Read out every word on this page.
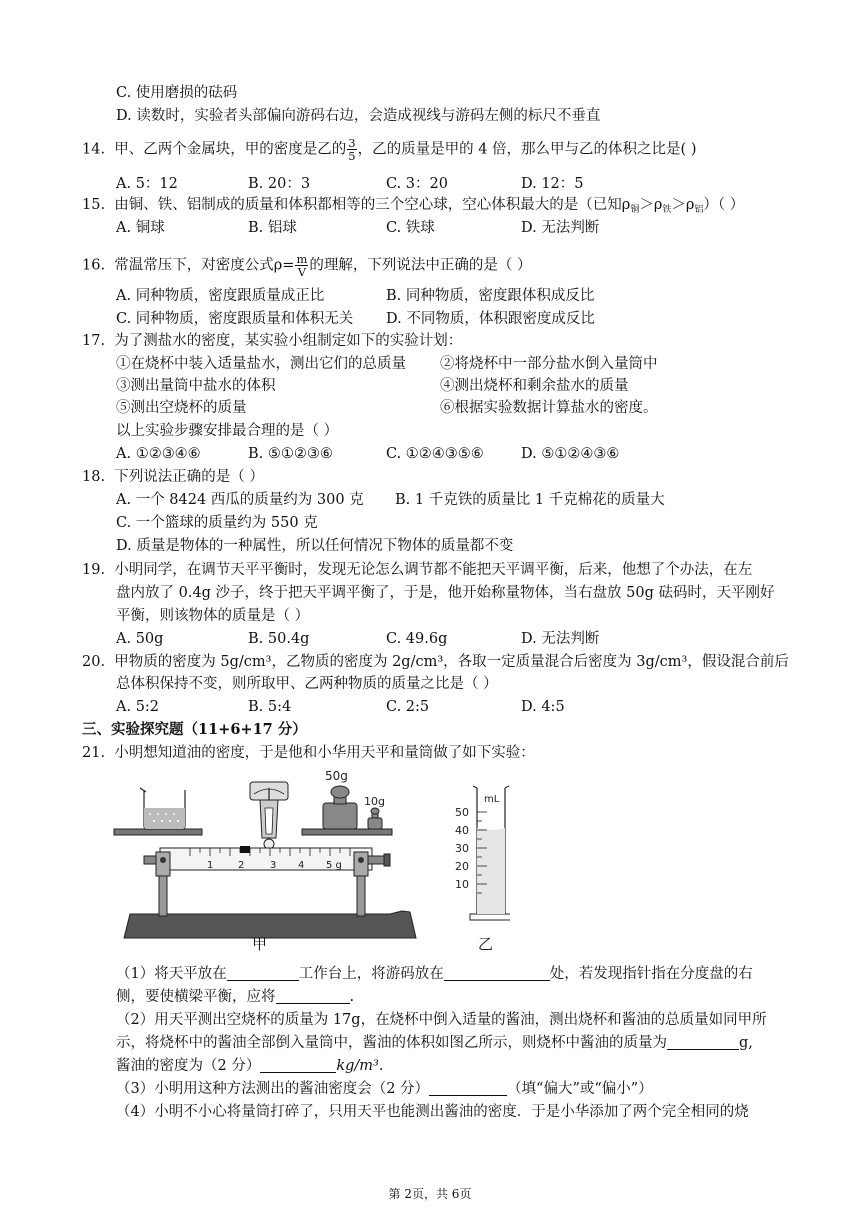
C. 使用磨损的砝码
D. 读数时，实验者头部偏向游码右边，会造成视线与游码左侧的标尺不垂直
14. 甲、乙两个金属块，甲的密度是乙的 $\frac{3}{5}$ ，乙的质量是甲的 4 倍，那么甲与乙的体积之比是( )
A. 5：12	B. 20：3	C. 3：20	D. 12：5
15. 由铜、铁、铝制成的质量和体积都相等的三个空心球，空心体积最大的是（已知$\rho_铜>\rho_铁>\rho_铝$）（ ）
A. 铜球	B. 铝球	C. 铁球	D. 无法判断
16. 常温常压下，对密度公式$\rho= \frac{m}{V}$ 的理解，下列说法中正确的是（ ）
A. 同种物质，密度跟质量成正比	B. 同种物质，密度跟体积成反比
C. 同种物质，密度跟质量和体积无关 D. 不同物质，体积跟密度成反比
17. 为了测盐水的密度，某实验小组制定如下的实验计划：
①在烧杯中装入适量盐水，测出它们的总质量 ②将烧杯中一部分盐水倒入量筒中
③测出量筒中盐水的体积	④测出烧杯和剩余盐水的质量
⑤测出空烧杯的质量	⑥根据实验数据计算盐水的密度。
以上实验步骤安排最合理的是（ ）
A. ①②③④⑥	B. ⑤①②③⑥	C. ①②④③⑤⑥	D. ⑤①②④③⑥
18. 下列说法正确的是（ ）
A. 一个 8424 西瓜的质量约为 300 克 B. 1 千克铁的质量比 1 千克棉花的质量大
C. 一个篮球的质量约为 550 克
D. 质量是物体的一种属性，所以任何情况下物体的质量都不变
19. 小明同学，在调节天平平衡时，发现无论怎么调节都不能把天平调平衡，后来，他想了个办法，在左
盘内放了 0.4g 沙子，终于把天平调平衡了，于是，他开始称量物体，当右盘放 50g 砝码时，天平刚好
平衡，则该物体的质量是（ ）
A. 50g	B. 50.4g	C. 49.6g	D. 无法判断
20. 甲物质的密度为 5g/cm³，乙物质的密度为 2g/cm³，各取一定质量混合后密度为 3g/cm³，假设混合前后
总体积保持不变，则所取甲、乙两种物质的质量之比是（ ）
A. 5:2	B. 5:4	C. 2:5	D. 4:5
三、实验探究题（11+6+17 分）
21. 小明想知道油的密度，于是他和小华用天平和量筒做了如下实验：
50g
10g
1 2	3 4 5 g
mL
50
40
30
20
10
甲	乙
（1）将天平放在	工作台上，将游码放在	处，若发现指针指在分度盘的右
侧，要使横梁平衡，应将	.
（2）用天平测出空烧杯的质量为 17g，在烧杯中倒入适量的酱油，测出烧杯和酱油的总质量如同甲所
示，将烧杯中的酱油全部倒入量筒中，酱油的体积如图乙所示，则烧杯中酱油的质量为	g,
酱油的密度为（2 分）	kg/m³.
（3）小明用这种方法测出的酱油密度会（2 分）	（填“偏大”或“偏小”）
（4）小明不小心将量筒打碎了，只用天平也能测出酱油的密度．于是小华添加了两个完全相同的烧
第 2页，共 6页
